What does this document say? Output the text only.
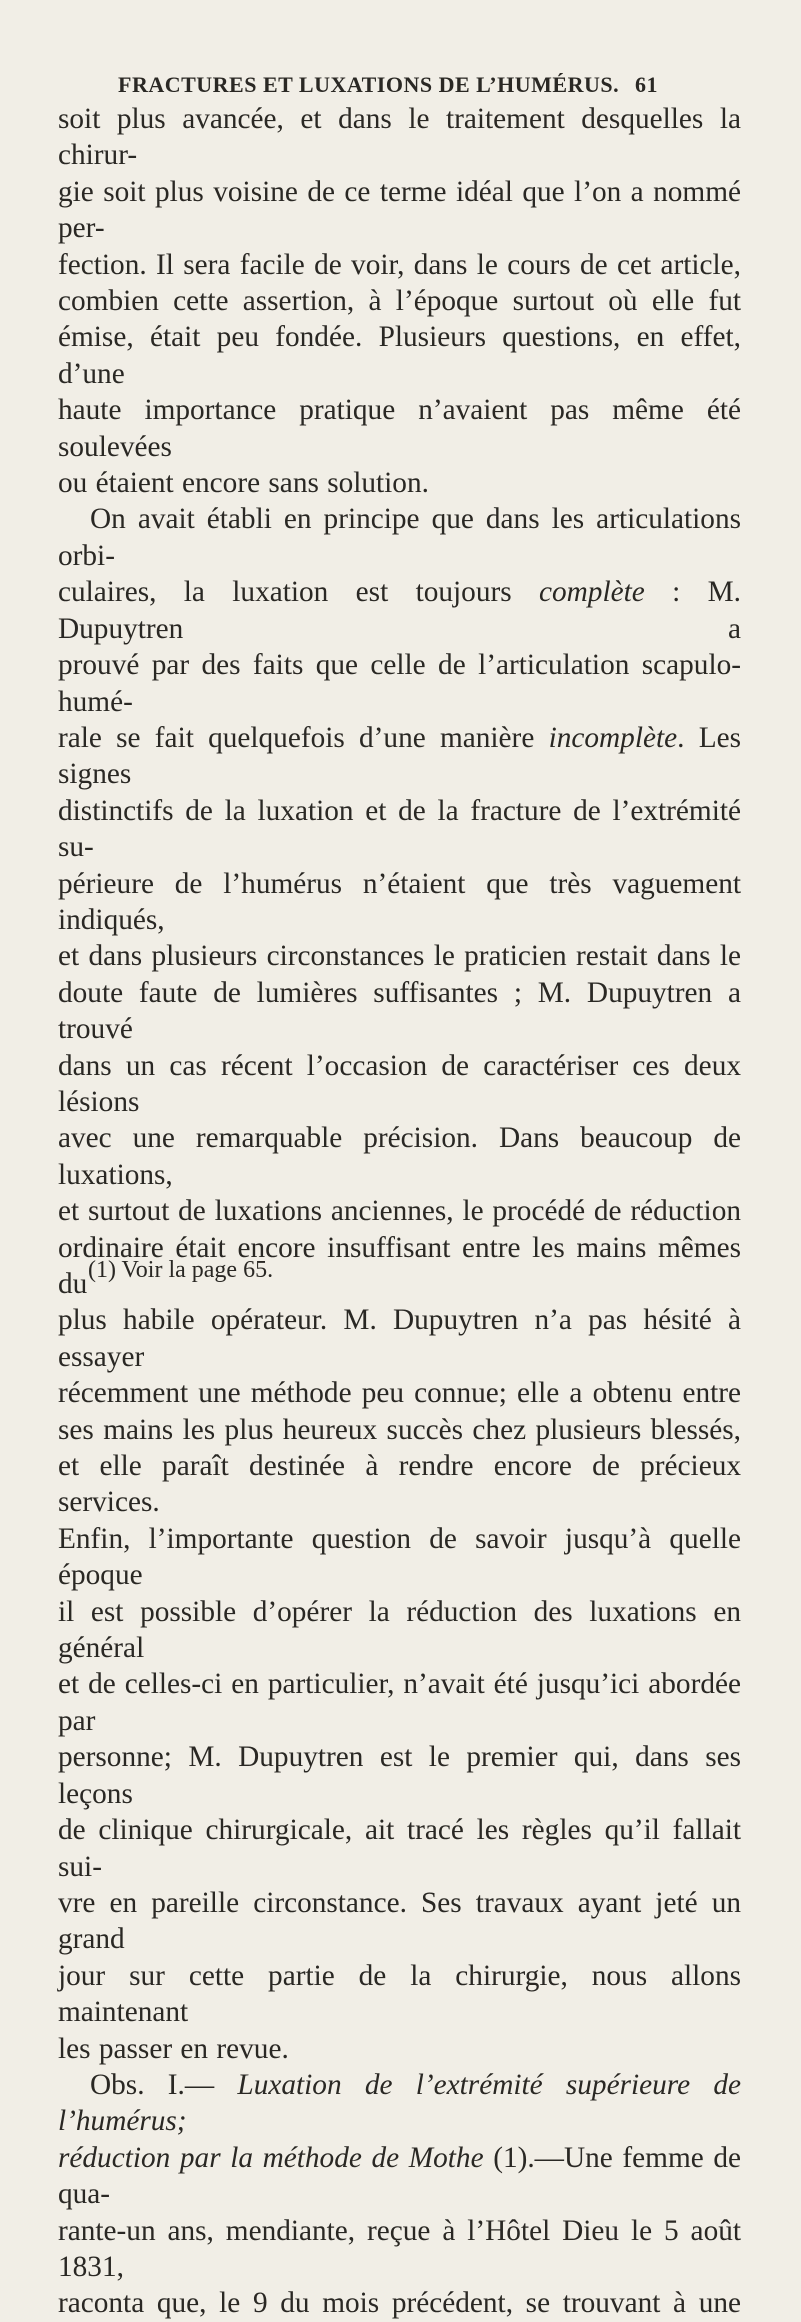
FRACTURES ET LUXATIONS DE L’HUMÉRUS. 61

soit plus avancée, et dans le traitement desquelles la chirur-

gie soit plus voisine de ce terme idéal que l’on a nommé per-

fection. Il sera facile de voir, dans le cours de cet article,

combien cette assertion, à l’époque surtout où elle fut

émise, était peu fondée. Plusieurs questions, en effet, d’une

haute importance pratique n’avaient pas même été soulevées

ou étaient encore sans solution.

On avait établi en principe que dans les articulations orbi-

culaires, la luxation est toujours complète : M. Dupuytren a

prouvé par des faits que celle de l’articulation scapulo-humé-

rale se fait quelquefois d’une manière incomplète. Les signes

distinctifs de la luxation et de la fracture de l’extrémité su-

périeure de l’humérus n’étaient que très vaguement indiqués,

et dans plusieurs circonstances le praticien restait dans le

doute faute de lumières suffisantes ; M. Dupuytren a trouvé

dans un cas récent l’occasion de caractériser ces deux lésions

avec une remarquable précision. Dans beaucoup de luxations,

et surtout de luxations anciennes, le procédé de réduction

ordinaire était encore insuffisant entre les mains mêmes du

plus habile opérateur. M. Dupuytren n’a pas hésité à essayer

récemment une méthode peu connue; elle a obtenu entre

ses mains les plus heureux succès chez plusieurs blessés,

et elle paraît destinée à rendre encore de précieux services.

Enfin, l’importante question de savoir jusqu’à quelle époque

il est possible d’opérer la réduction des luxations en général

et de celles-ci en particulier, n’avait été jusqu’ici abordée par

personne; M. Dupuytren est le premier qui, dans ses leçons

de clinique chirurgicale, ait tracé les règles qu’il fallait sui-

vre en pareille circonstance. Ses travaux ayant jeté un grand

jour sur cette partie de la chirurgie, nous allons maintenant

les passer en revue.

Obs. I.— Luxation de l’extrémité supérieure de l’humérus;

réduction par la méthode de Mothe (1).—Une femme de qua-

rante-un ans, mendiante, reçue à l’Hôtel Dieu le 5 août 1831,

raconta que, le 9 du mois précédent, se trouvant à une

(1) Voir la page 65.
